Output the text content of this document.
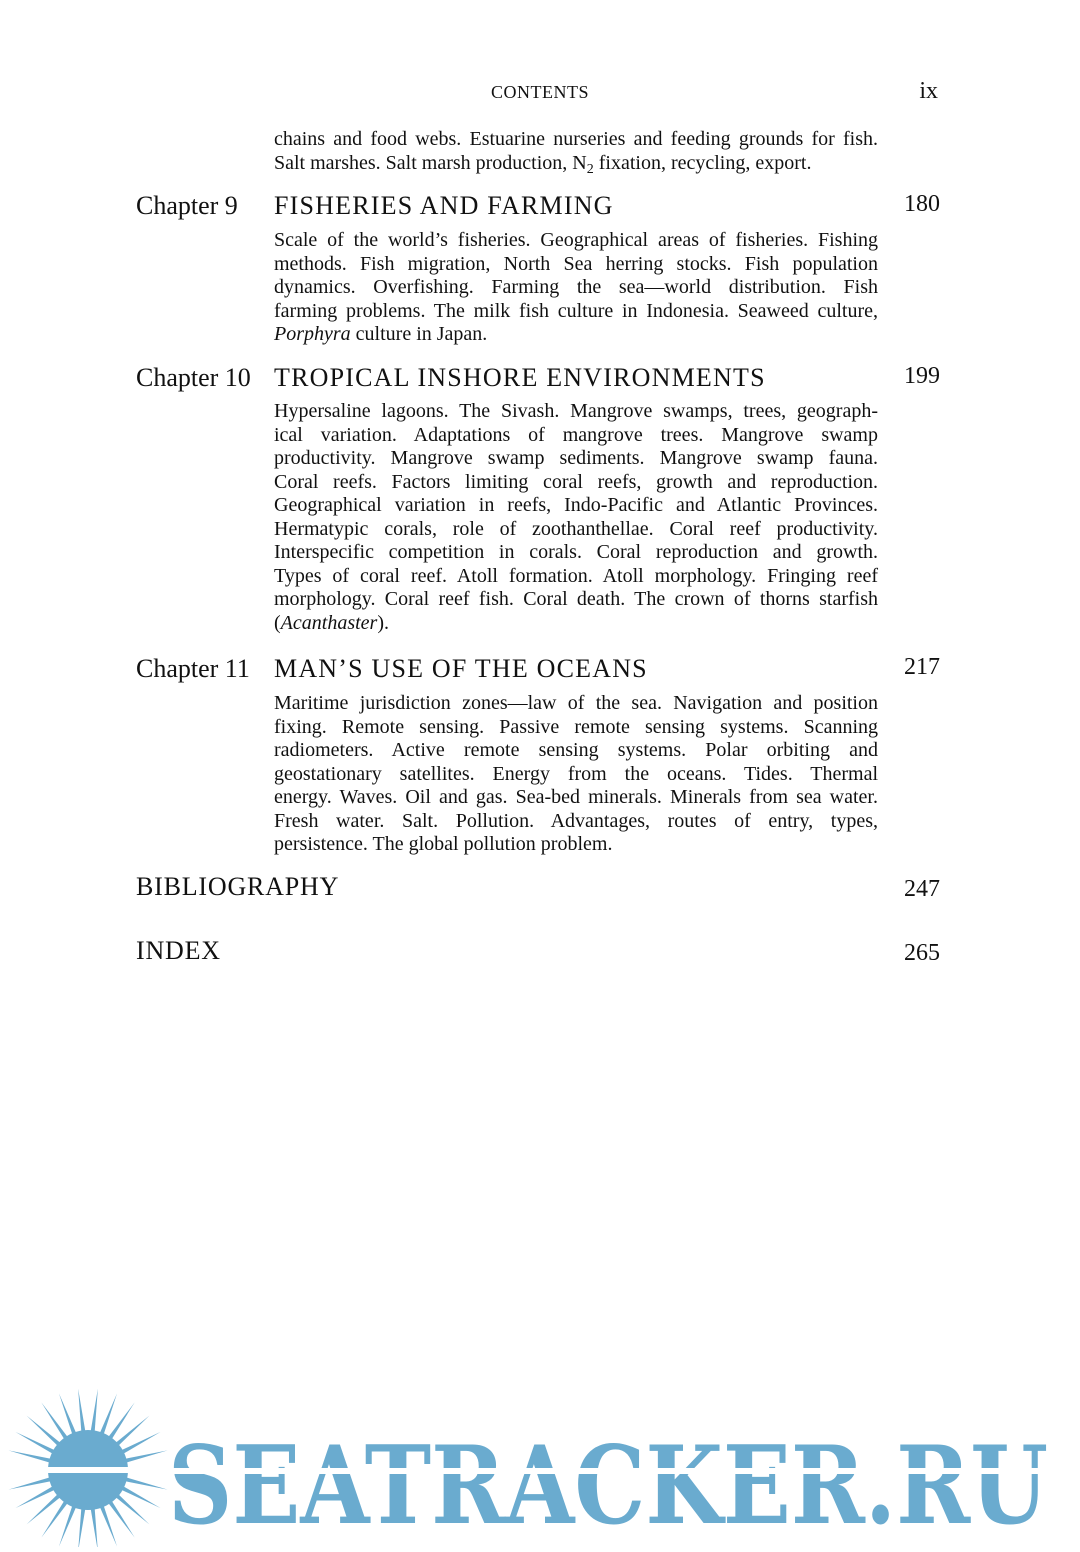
CONTENTS	ix
chains and food webs. Estuarine nurseries and feeding grounds for fish.
Salt marshes. Salt marsh production, $N_2$ fixation, recycling, export.
Chapter 9 FISHERIES AND FARMING	180
Scale of the world’s fisheries. Geographical areas of fisheries. Fishing
methods. Fish migration, North Sea herring stocks. Fish population
dynamics. Overfishing. Farming the sea—world distribution. Fish
farming problems. The milk fish culture in Indonesia. Seaweed culture,
Porphyra culture in Japan.
Chapter 10 TROPICAL INSHORE ENVIRONMENTS	199
Hypersaline lagoons. The Sivash. Mangrove swamps, trees, geograph-
ical variation. Adaptations of mangrove trees. Mangrove swamp
productivity. Mangrove swamp sediments. Mangrove swamp fauna.
Coral reefs. Factors limiting coral reefs, growth and reproduction.
Geographical variation in reefs, Indo-Pacific and Atlantic Provinces.
Hermatypic corals, role of zoothanthellae. Coral reef productivity.
Interspecific competition in corals. Coral reproduction and growth.
Types of coral reef. Atoll formation. Atoll morphology. Fringing reef
morphology. Coral reef fish. Coral death. The crown of thorns starfish
(Acanthaster).
Chapter 11 MAN’S USE OF THE OCEANS	217
Maritime jurisdiction zones—law of the sea. Navigation and position
fixing. Remote sensing. Passive remote sensing systems. Scanning
radiometers. Active remote sensing systems. Polar orbiting and
geostationary satellites. Energy from the oceans. Tides. Thermal
energy. Waves. Oil and gas. Sea-bed minerals. Minerals from sea water.
Fresh water. Salt. Pollution. Advantages, routes of entry, types,
persistence. The global pollution problem.
BIBLIOGRAPHY	247
INDEX	265
SEATRACKER.RU
